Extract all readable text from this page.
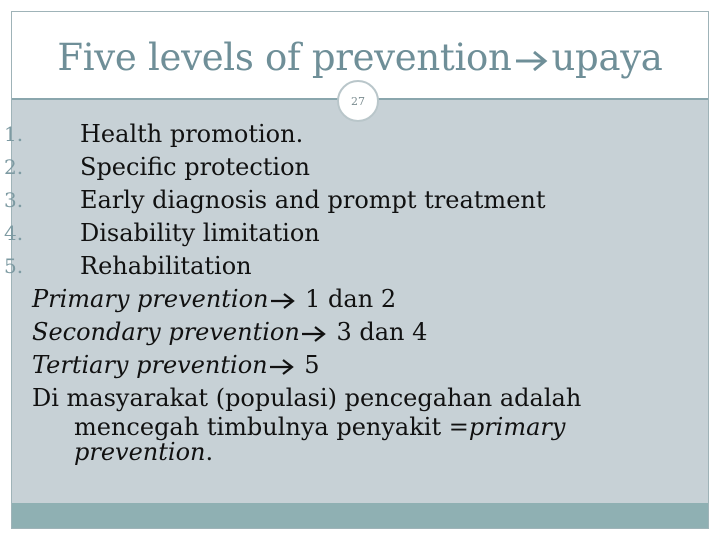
Five levels of prevention upaya
27
1.	Health promotion.
2.	Specific protection
3.	Early diagnosis and prompt treatment
4.	Disability limitation
5.	Rehabilitation
Primary prevention 1 dan 2
Secondary prevention 3 dan 4
Tertiary prevention 5
Di masyarakat (populasi) pencegahan adalah
mencegah timbulnya penyakit =primary
prevention.
